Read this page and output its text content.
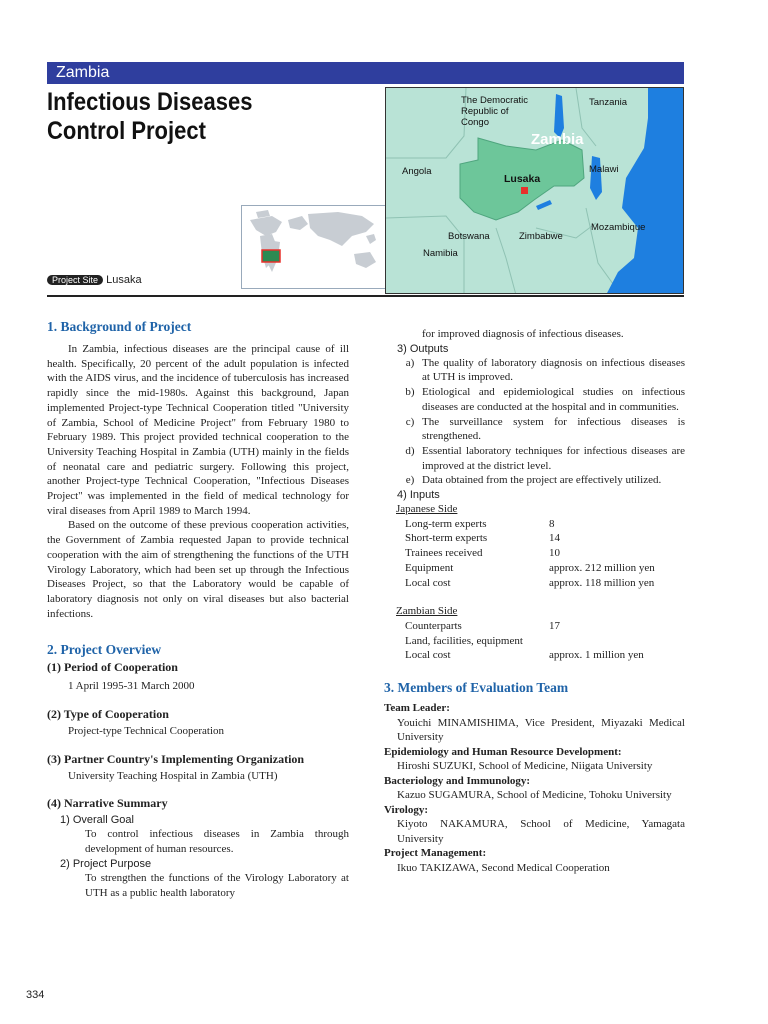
Zambia
Infectious Diseases
Control Project
The Democratic
Republic of
Congo
Tanzania
Zambia
Angola
Lusaka
Malawi
Mozambique
Botswana	Zimbabwe
Namibia
Project Site Lusaka
1. Background of Project

In Zambia, infectious diseases are the principal cause of ill health. Specifically, 20 percent of the adult population is infected with the AIDS virus, and the incidence of tuberculosis has increased rapidly since the mid-1980s. Against this background, Japan implemented Project-type Technical Cooperation titled "University of Zambia, School of Medicine Project" from February 1980 to February 1989. This project provided technical cooperation to the University Teaching Hospital in Zambia (UTH) mainly in the fields of neonatal care and pediatric surgery. Following this project, another Project-type Technical Cooperation, "Infectious Diseases Project" was implemented in the field of medical technology for viral diseases from April 1989 to March 1994.

Based on the outcome of these previous cooperation activities, the Government of Zambia requested Japan to provide technical cooperation with the aim of strengthening the functions of the UTH Virology Laboratory, which had been set up through the Infectious Diseases Project, so that the Laboratory would be capable of laboratory diagnosis not only on viral diseases but also bacterial infections.

2. Project Overview
(1) Period of Cooperation

1 April 1995-31 March 2000

(2) Type of Cooperation

Project-type Technical Cooperation

(3) Partner Country's Implementing Organization

University Teaching Hospital in Zambia (UTH)

(4) Narrative Summary
1) Overall Goal

To control infectious diseases in Zambia through development of human resources.

2) Project Purpose

To strengthen the functions of the Virology Laboratory at UTH as a public health laboratory

for improved diagnosis of infectious diseases.

3) Outputs
a) The quality of laboratory diagnosis on infectious diseases at UTH is improved.
b) Etiological and epidemiological studies on infectious diseases are conducted at the hospital and in communities.
c) The surveillance system for infectious diseases is strengthened.
d) Essential laboratory techniques for infectious diseases are improved at the district level.
e) Data obtained from the project are effectively utilized.
4) Inputs
Japanese Side
Long-term experts	8
Short-term experts	14
Trainees received	10
Equipment	approx. 212 million yen
Local cost	approx. 118 million yen
Zambian Side
Counterparts	17
Land, facilities, equipment
Local cost	approx. 1 million yen
3. Members of Evaluation Team
Team Leader:
Youichi MINAMISHIMA, Vice President, Miyazaki Medical University
Epidemiology and Human Resource Development:
Hiroshi SUZUKI, School of Medicine, Niigata University
Bacteriology and Immunology:
Kazuo SUGAMURA, School of Medicine, Tohoku University
Virology:
Kiyoto NAKAMURA, School of Medicine, Yamagata University
Project Management:
Ikuo TAKIZAWA, Second Medical Cooperation
334
